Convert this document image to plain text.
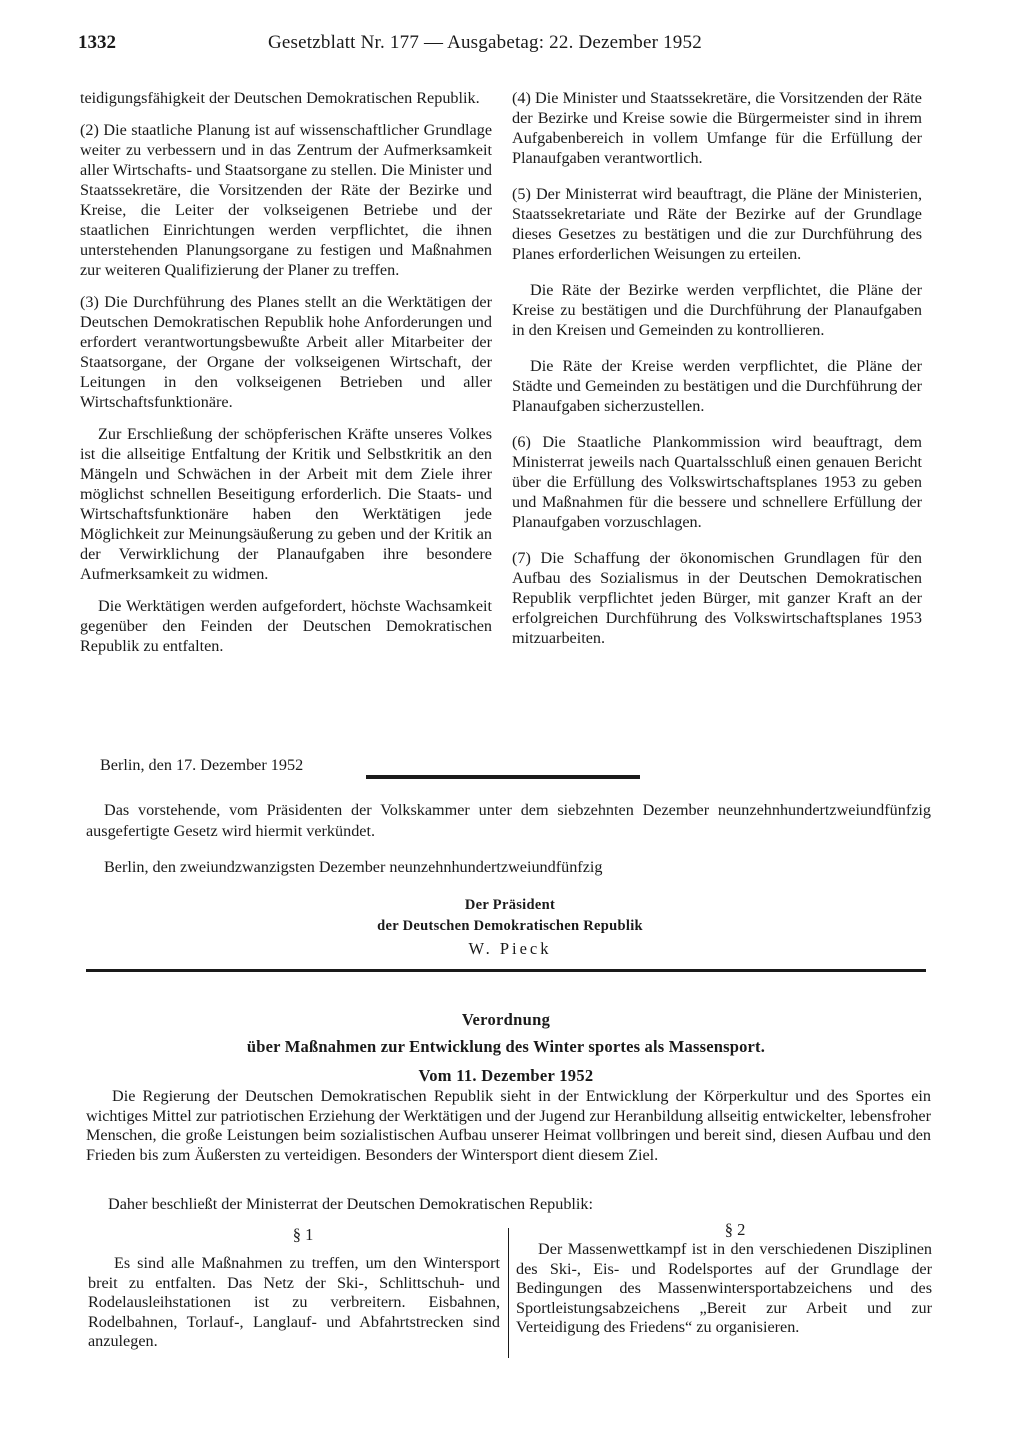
1332	Gesetzblatt Nr. 177 — Ausgabetag: 22. Dezember 1952

teidigungsfähigkeit der Deutschen Demokratischen Republik.

(2) Die staatliche Planung ist auf wissenschaftlicher Grundlage weiter zu verbessern und in das Zentrum der Aufmerksamkeit aller Wirtschafts- und Staatsorgane zu stellen. Die Minister und Staatssekretäre, die Vorsitzenden der Räte der Bezirke und Kreise, die Leiter der volkseigenen Betriebe und der staatlichen Einrichtungen werden verpflichtet, die ihnen unterstehenden Planungsorgane zu festigen und Maßnahmen zur weiteren Qualifizierung der Planer zu treffen.

(3) Die Durchführung des Planes stellt an die Werktätigen der Deutschen Demokratischen Republik hohe Anforderungen und erfordert verantwortungsbewußte Arbeit aller Mitarbeiter der Staatsorgane, der Organe der volkseigenen Wirtschaft, der Leitungen in den volkseigenen Betrieben und aller Wirtschaftsfunktionäre.

Zur Erschließung der schöpferischen Kräfte unseres Volkes ist die allseitige Entfaltung der Kritik und Selbstkritik an den Mängeln und Schwächen in der Arbeit mit dem Ziele ihrer möglichst schnellen Beseitigung erforderlich. Die Staats- und Wirtschaftsfunktionäre haben den Werktätigen jede Möglichkeit zur Meinungsäußerung zu geben und der Kritik an der Verwirklichung der Planaufgaben ihre besondere Aufmerksamkeit zu widmen.

Die Werktätigen werden aufgefordert, höchste Wachsamkeit gegenüber den Feinden der Deutschen Demokratischen Republik zu entfalten.

(4) Die Minister und Staatssekretäre, die Vorsitzenden der Räte der Bezirke und Kreise sowie die Bürgermeister sind in ihrem Aufgabenbereich in vollem Umfange für die Erfüllung der Planaufgaben verantwortlich.

(5) Der Ministerrat wird beauftragt, die Pläne der Ministerien, Staatssekretariate und Räte der Bezirke auf der Grundlage dieses Gesetzes zu bestätigen und die zur Durchführung des Planes erforderlichen Weisungen zu erteilen.

Die Räte der Bezirke werden verpflichtet, die Pläne der Kreise zu bestätigen und die Durchführung der Planaufgaben in den Kreisen und Gemeinden zu kontrollieren.

Die Räte der Kreise werden verpflichtet, die Pläne der Städte und Gemeinden zu bestätigen und die Durchführung der Planaufgaben sicherzustellen.

(6) Die Staatliche Plankommission wird beauftragt, dem Ministerrat jeweils nach Quartalsschluß einen genauen Bericht über die Erfüllung des Volkswirtschaftsplanes 1953 zu geben und Maßnahmen für die bessere und schnellere Erfüllung der Planaufgaben vorzuschlagen.

(7) Die Schaffung der ökonomischen Grundlagen für den Aufbau des Sozialismus in der Deutschen Demokratischen Republik verpflichtet jeden Bürger, mit ganzer Kraft an der erfolgreichen Durchführung des Volkswirtschaftsplanes 1953 mitzuarbeiten.

Berlin, den 17. Dezember 1952
Das vorstehende, vom Präsidenten der Volkskammer unter dem siebzehnten Dezember neunzehnhundertzweiundfünfzig ausgefertigte Gesetz wird hiermit verkündet.
Berlin, den zweiundzwanzigsten Dezember neunzehnhundertzweiundfünfzig
Der Präsident
der Deutschen Demokratischen Republik
W. Pieck
Verordnung
über Maßnahmen zur Entwicklung des Winter sportes als Massensport.
Vom 11. Dezember 1952
Die Regierung der Deutschen Demokratischen Republik sieht in der Entwicklung der Körperkultur und des Sportes ein wichtiges Mittel zur patriotischen Erziehung der Werktätigen und der Jugend zur Heranbildung allseitig entwickelter, lebensfroher Menschen, die große Leistungen beim sozialistischen Aufbau unserer Heimat vollbringen und bereit sind, diesen Aufbau und den Frieden bis zum Äußersten zu verteidigen. Besonders der Wintersport dient diesem Ziel.
Daher beschließt der Ministerrat der Deutschen Demokratischen Republik:
§ 1	§ 2
Es sind alle Maßnahmen zu treffen, um den Wintersport breit zu entfalten. Das Netz der Ski-, Schlittschuh- und Rodelausleihstationen ist zu verbreitern. Eisbahnen, Rodelbahnen, Torlauf-, Langlauf- und Abfahrtstrecken sind anzulegen.
Der Massenwettkampf ist in den verschiedenen Disziplinen des Ski-, Eis- und Rodelsportes auf der Grundlage der Bedingungen des Massenwintersportabzeichens und des Sportleistungsabzeichens „Bereit zur Arbeit und zur Verteidigung des Friedens“ zu organisieren.
